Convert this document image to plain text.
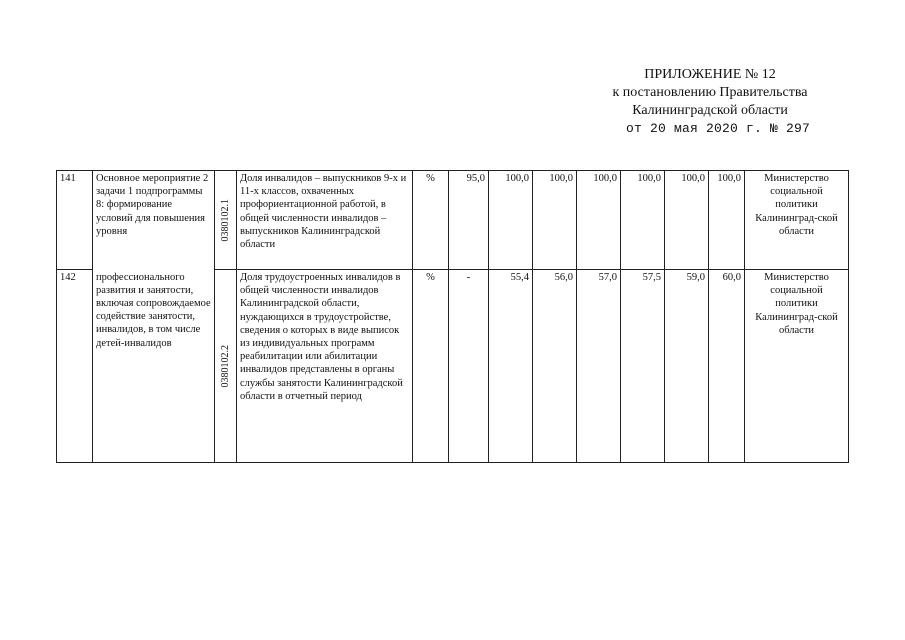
ПРИЛОЖЕНИЕ № 12
к постановлению Правительства
Калининградской области
от 20 мая 2020 г. № 297
141	Основное мероприятие 2 задачи 1 подпрограммы 8: формирование условий для повышения уровня	0380102.1	Доля инвалидов – выпускников 9-х и 11-х классов, охваченных профориентационной работой, в общей численности инвалидов – выпускников Калининградской области	%	95,0	100,0	100,0	100,0	100,0	100,0	100,0	Министерство социальной политики Калининград-ской области
142	профессионального развития и занятости, включая сопровождаемое содействие занятости, инвалидов, в том числе детей-инвалидов	0380102.2	Доля трудоустроенных инвалидов в общей численности инвалидов Калининградской области, нуждающихся в трудоустройстве, сведения о которых в виде выписок из индивидуальных программ реабилитации или абилитации инвалидов представлены в органы службы занятости Калининградской области в отчетный период	%	-	55,4	56,0	57,0	57,5	59,0	60,0	Министерство социальной политики Калининград-ской области
